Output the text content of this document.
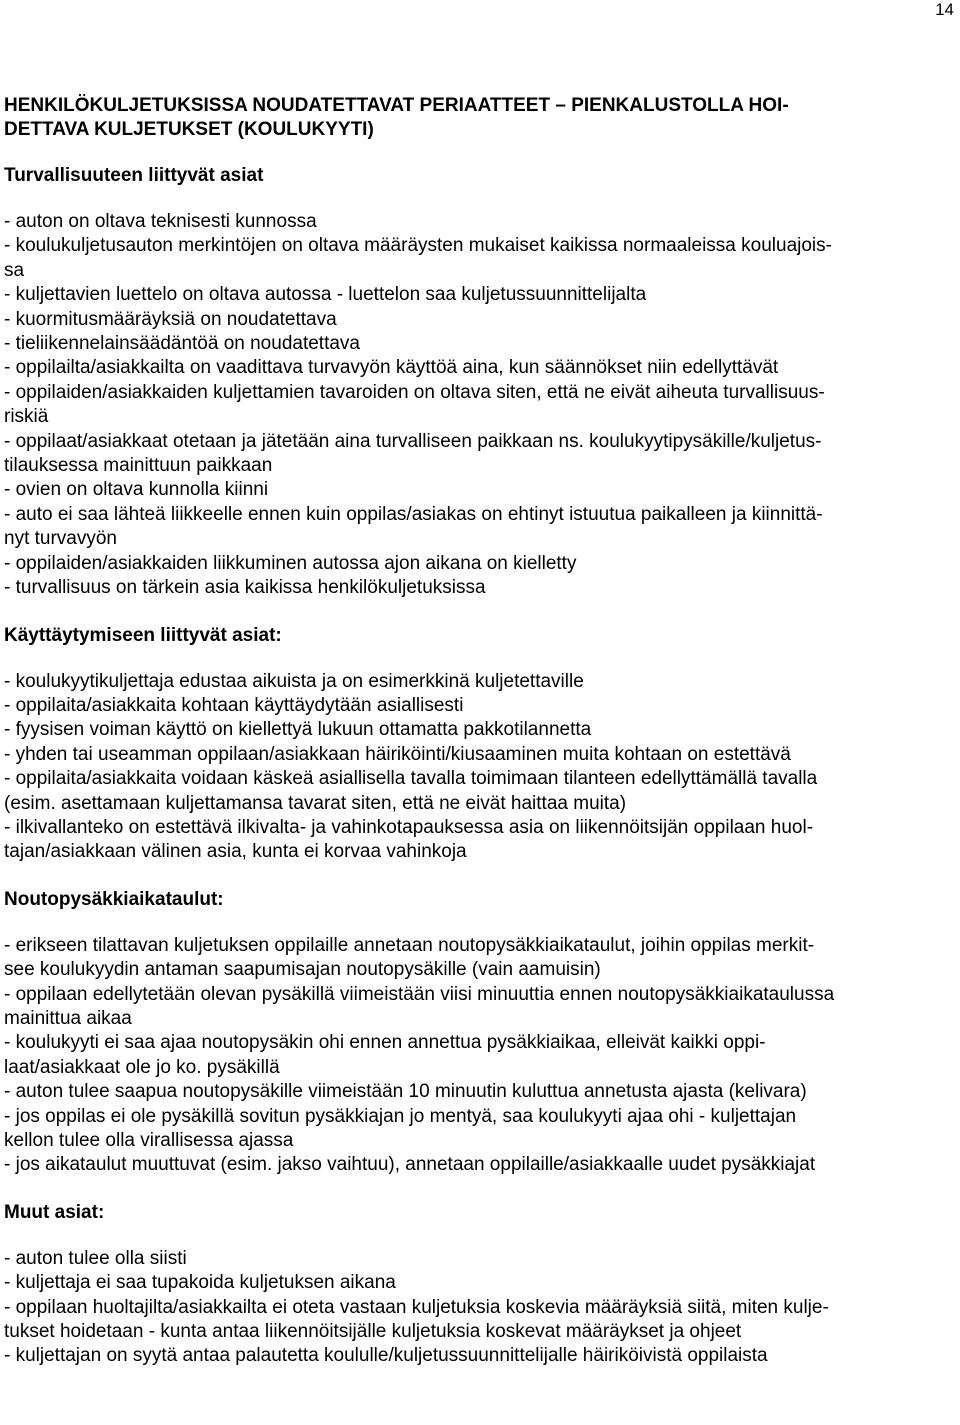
14
HENKILÖKULJETUKSISSA NOUDATETTAVAT PERIAATTEET – PIENKALUSTOLLA HOI-
DETTAVA KULJETUKSET (KOULUKYYTI)
Turvallisuuteen liittyvät asiat
- auton on oltava teknisesti kunnossa
- koulukuljetusauton merkintöjen on oltava määräysten mukaiset kaikissa normaaleissa kouluajois-
sa
- kuljettavien luettelo on oltava autossa - luettelon saa kuljetussuunnittelijalta
- kuormitusmääräyksiä on noudatettava
- tieliikennelainsäädäntöä on noudatettava
- oppilailta/asiakkailta on vaadittava turvavyön käyttöä aina, kun säännökset niin edellyttävät
- oppilaiden/asiakkaiden kuljettamien tavaroiden on oltava siten, että ne eivät aiheuta turvallisuus-
riskiä
- oppilaat/asiakkaat otetaan ja jätetään aina turvalliseen paikkaan ns. koulukyytipysäkille/kuljetus-
tilauksessa mainittuun paikkaan
- ovien on oltava kunnolla kiinni
- auto ei saa lähteä liikkeelle ennen kuin oppilas/asiakas on ehtinyt istuutua paikalleen ja kiinnittä-
nyt turvavyön
- oppilaiden/asiakkaiden liikkuminen autossa ajon aikana on kielletty
- turvallisuus on tärkein asia kaikissa henkilökuljetuksissa
Käyttäytymiseen liittyvät asiat:
- koulukyytikuljettaja edustaa aikuista ja on esimerkkinä kuljetettaville
- oppilaita/asiakkaita kohtaan käyttäydytään asiallisesti
- fyysisen voiman käyttö on kiellettyä lukuun ottamatta pakkotilannetta
- yhden tai useamman oppilaan/asiakkaan häiriköinti/kiusaaminen muita kohtaan on estettävä
- oppilaita/asiakkaita voidaan käskeä asiallisella tavalla toimimaan tilanteen edellyttämällä tavalla
(esim. asettamaan kuljettamansa tavarat siten, että ne eivät haittaa muita)
- ilkivallanteko on estettävä ilkivalta- ja vahinkotapauksessa asia on liikennöitsijän oppilaan huol-
tajan/asiakkaan välinen asia, kunta ei korvaa vahinkoja
Noutopysäkkiaikataulut:
- erikseen tilattavan kuljetuksen oppilaille annetaan noutopysäkkiaikataulut, joihin oppilas merkit-
see koulukyydin antaman saapumisajan noutopysäkille (vain aamuisin)
- oppilaan edellytetään olevan pysäkillä viimeistään viisi minuuttia ennen noutopysäkkiaikataulussa
mainittua aikaa
- koulukyyti ei saa ajaa noutopysäkin ohi ennen annettua pysäkkiaikaa, elleivät kaikki oppi-
laat/asiakkaat ole jo ko. pysäkillä
- auton tulee saapua noutopysäkille viimeistään 10 minuutin kuluttua annetusta ajasta (kelivara)
- jos oppilas ei ole pysäkillä sovitun pysäkkiajan jo mentyä, saa koulukyyti ajaa ohi - kuljettajan
kellon tulee olla virallisessa ajassa
- jos aikataulut muuttuvat (esim. jakso vaihtuu), annetaan oppilaille/asiakkaalle uudet pysäkkiajat
Muut asiat:
- auton tulee olla siisti
- kuljettaja ei saa tupakoida kuljetuksen aikana
- oppilaan huoltajilta/asiakkailta ei oteta vastaan kuljetuksia koskevia määräyksiä siitä, miten kulje-
tukset hoidetaan - kunta antaa liikennöitsijälle kuljetuksia koskevat määräykset ja ohjeet
- kuljettajan on syytä antaa palautetta koululle/kuljetussuunnittelijalle häiriköivistä oppilaista
